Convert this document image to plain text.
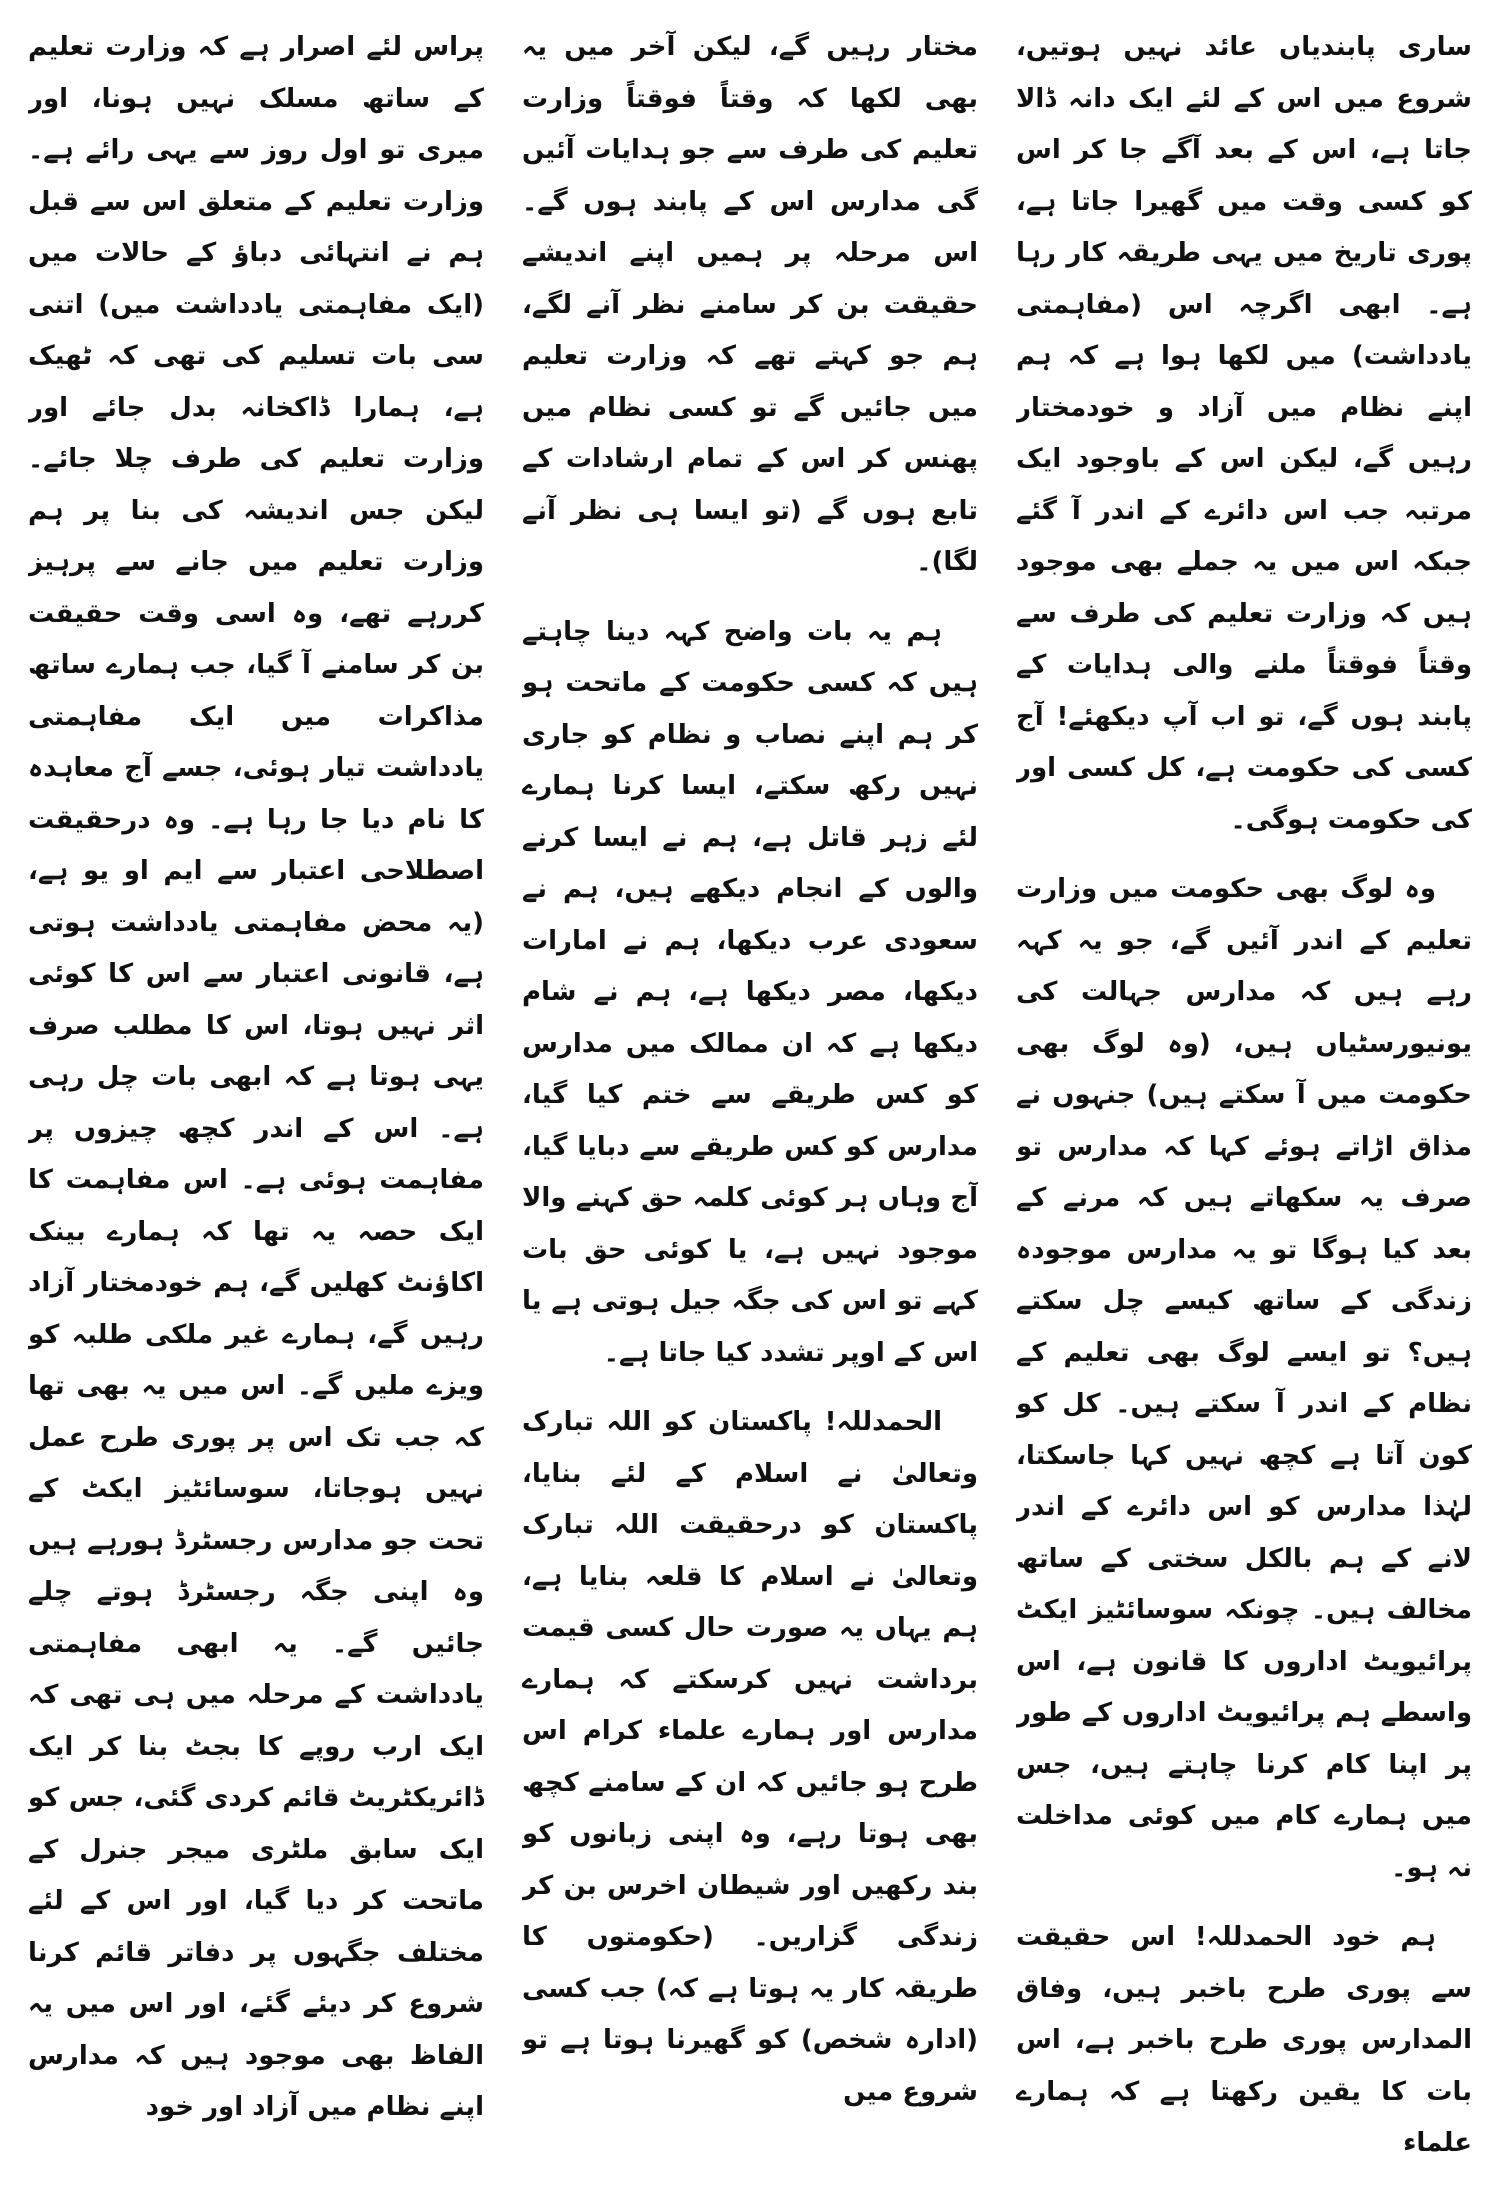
پراس لئے اصرار ہے کہ وزارت تعلیم کے ساتھ مسلک نہیں ہونا، اور میری تو اول روز سے یہی رائے ہے۔ وزارت تعلیم کے متعلق اس سے قبل ہم نے انتہائی دباؤ کے حالات میں (ایک مفاہمتی یادداشت میں) اتنی سی بات تسلیم کی تھی کہ ٹھیک ہے، ہمارا ڈاکخانہ بدل جائے اور وزارت تعلیم کی طرف چلا جائے۔ لیکن جس اندیشہ کی بنا پر ہم وزارت تعلیم میں جانے سے پرہیز کررہے تھے، وہ اسی وقت حقیقت بن کر سامنے آ گیا، جب ہمارے ساتھ مذاکرات میں ایک مفاہمتی یادداشت تیار ہوئی، جسے آج معاہدہ کا نام دیا جا رہا ہے۔ وہ درحقیقت اصطلاحی اعتبار سے ایم او یو ہے، (یہ محض مفاہمتی یادداشت ہوتی ہے، قانونی اعتبار سے اس کا کوئی اثر نہیں ہوتا، اس کا مطلب صرف یہی ہوتا ہے کہ ابھی بات چل رہی ہے۔ اس کے اندر کچھ چیزوں پر مفاہمت ہوئی ہے۔ اس مفاہمت کا ایک حصہ یہ تھا کہ ہمارے بینک اکاؤنٹ کھلیں گے، ہم خودمختار آزاد رہیں گے، ہمارے غیر ملکی طلبہ کو ویزے ملیں گے۔ اس میں یہ بھی تھا کہ جب تک اس پر پوری طرح عمل نہیں ہوجاتا، سوسائٹیز ایکٹ کے تحت جو مدارس رجسٹرڈ ہورہے ہیں وہ اپنی جگہ رجسٹرڈ ہوتے چلے جائیں گے۔ یہ ابھی مفاہمتی یادداشت کے مرحلہ میں ہی تھی کہ ایک ارب روپے کا بجٹ بنا کر ایک ڈائریکٹریٹ قائم کردی گئی، جس کو ایک سابق ملٹری میجر جنرل کے ماتحت کر دیا گیا، اور اس کے لئے مختلف جگہوں پر دفاتر قائم کرنا شروع کر دیئے گئے، اور اس میں یہ الفاظ بھی موجود ہیں کہ مدارس اپنے نظام میں آزاد اور خود

مختار رہیں گے، لیکن آخر میں یہ بھی لکھا کہ وقتاً فوقتاً وزارت تعلیم کی طرف سے جو ہدایات آئیں گی مدارس اس کے پابند ہوں گے۔ اس مرحلہ پر ہمیں اپنے اندیشے حقیقت بن کر سامنے نظر آنے لگے، ہم جو کہتے تھے کہ وزارت تعلیم میں جائیں گے تو کسی نظام میں پھنس کر اس کے تمام ارشادات کے تابع ہوں گے (تو ایسا ہی نظر آنے لگا)۔

ہم یہ بات واضح کہہ دینا چاہتے ہیں کہ کسی حکومت کے ماتحت ہو کر ہم اپنے نصاب و نظام کو جاری نہیں رکھ سکتے، ایسا کرنا ہمارے لئے زہر قاتل ہے، ہم نے ایسا کرنے والوں کے انجام دیکھے ہیں، ہم نے سعودی عرب دیکھا، ہم نے امارات دیکھا، مصر دیکھا ہے، ہم نے شام دیکھا ہے کہ ان ممالک میں مدارس کو کس طریقے سے ختم کیا گیا، مدارس کو کس طریقے سے دبایا گیا، آج وہاں ہر کوئی کلمہ حق کہنے والا موجود نہیں ہے، یا کوئی حق بات کہے تو اس کی جگہ جیل ہوتی ہے یا اس کے اوپر تشدد کیا جاتا ہے۔

الحمدللہ! پاکستان کو اللہ تبارک وتعالیٰ نے اسلام کے لئے بنایا، پاکستان کو درحقیقت اللہ تبارک وتعالیٰ نے اسلام کا قلعہ بنایا ہے، ہم یہاں یہ صورت حال کسی قیمت برداشت نہیں کرسکتے کہ ہمارے مدارس اور ہمارے علماء کرام اس طرح ہو جائیں کہ ان کے سامنے کچھ بھی ہوتا رہے، وہ اپنی زبانوں کو بند رکھیں اور شیطان اخرس بن کر زندگی گزاریں۔ (حکومتوں کا طریقہ کار یہ ہوتا ہے کہ) جب کسی (ادارہ شخص) کو گھیرنا ہوتا ہے تو شروع میں

ساری پابندیاں عائد نہیں ہوتیں، شروع میں اس کے لئے ایک دانہ ڈالا جاتا ہے، اس کے بعد آگے جا کر اس کو کسی وقت میں گھیرا جاتا ہے، پوری تاریخ میں یہی طریقہ کار رہا ہے۔ ابھی اگرچہ اس (مفاہمتی یادداشت) میں لکھا ہوا ہے کہ ہم اپنے نظام میں آزاد و خودمختار رہیں گے، لیکن اس کے باوجود ایک مرتبہ جب اس دائرے کے اندر آ گئے جبکہ اس میں یہ جملے بھی موجود ہیں کہ وزارت تعلیم کی طرف سے وقتاً فوقتاً ملنے والی ہدایات کے پابند ہوں گے، تو اب آپ دیکھئے! آج کسی کی حکومت ہے، کل کسی اور کی حکومت ہوگی۔

وہ لوگ بھی حکومت میں وزارت تعلیم کے اندر آئیں گے، جو یہ کہہ رہے ہیں کہ مدارس جہالت کی یونیورسٹیاں ہیں، (وہ لوگ بھی حکومت میں آ سکتے ہیں) جنہوں نے مذاق اڑاتے ہوئے کہا کہ مدارس تو صرف یہ سکھاتے ہیں کہ مرنے کے بعد کیا ہوگا تو یہ مدارس موجودہ زندگی کے ساتھ کیسے چل سکتے ہیں؟ تو ایسے لوگ بھی تعلیم کے نظام کے اندر آ سکتے ہیں۔ کل کو کون آتا ہے کچھ نہیں کہا جاسکتا، لہٰذا مدارس کو اس دائرے کے اندر لانے کے ہم بالکل سختی کے ساتھ مخالف ہیں۔ چونکہ سوسائٹیز ایکٹ پرائیویٹ اداروں کا قانون ہے، اس واسطے ہم پرائیویٹ اداروں کے طور پر اپنا کام کرنا چاہتے ہیں، جس میں ہمارے کام میں کوئی مداخلت نہ ہو۔

ہم خود الحمدللہ! اس حقیقت سے پوری طرح باخبر ہیں، وفاق المدارس پوری طرح باخبر ہے، اس بات کا یقین رکھتا ہے کہ ہمارے علماء
